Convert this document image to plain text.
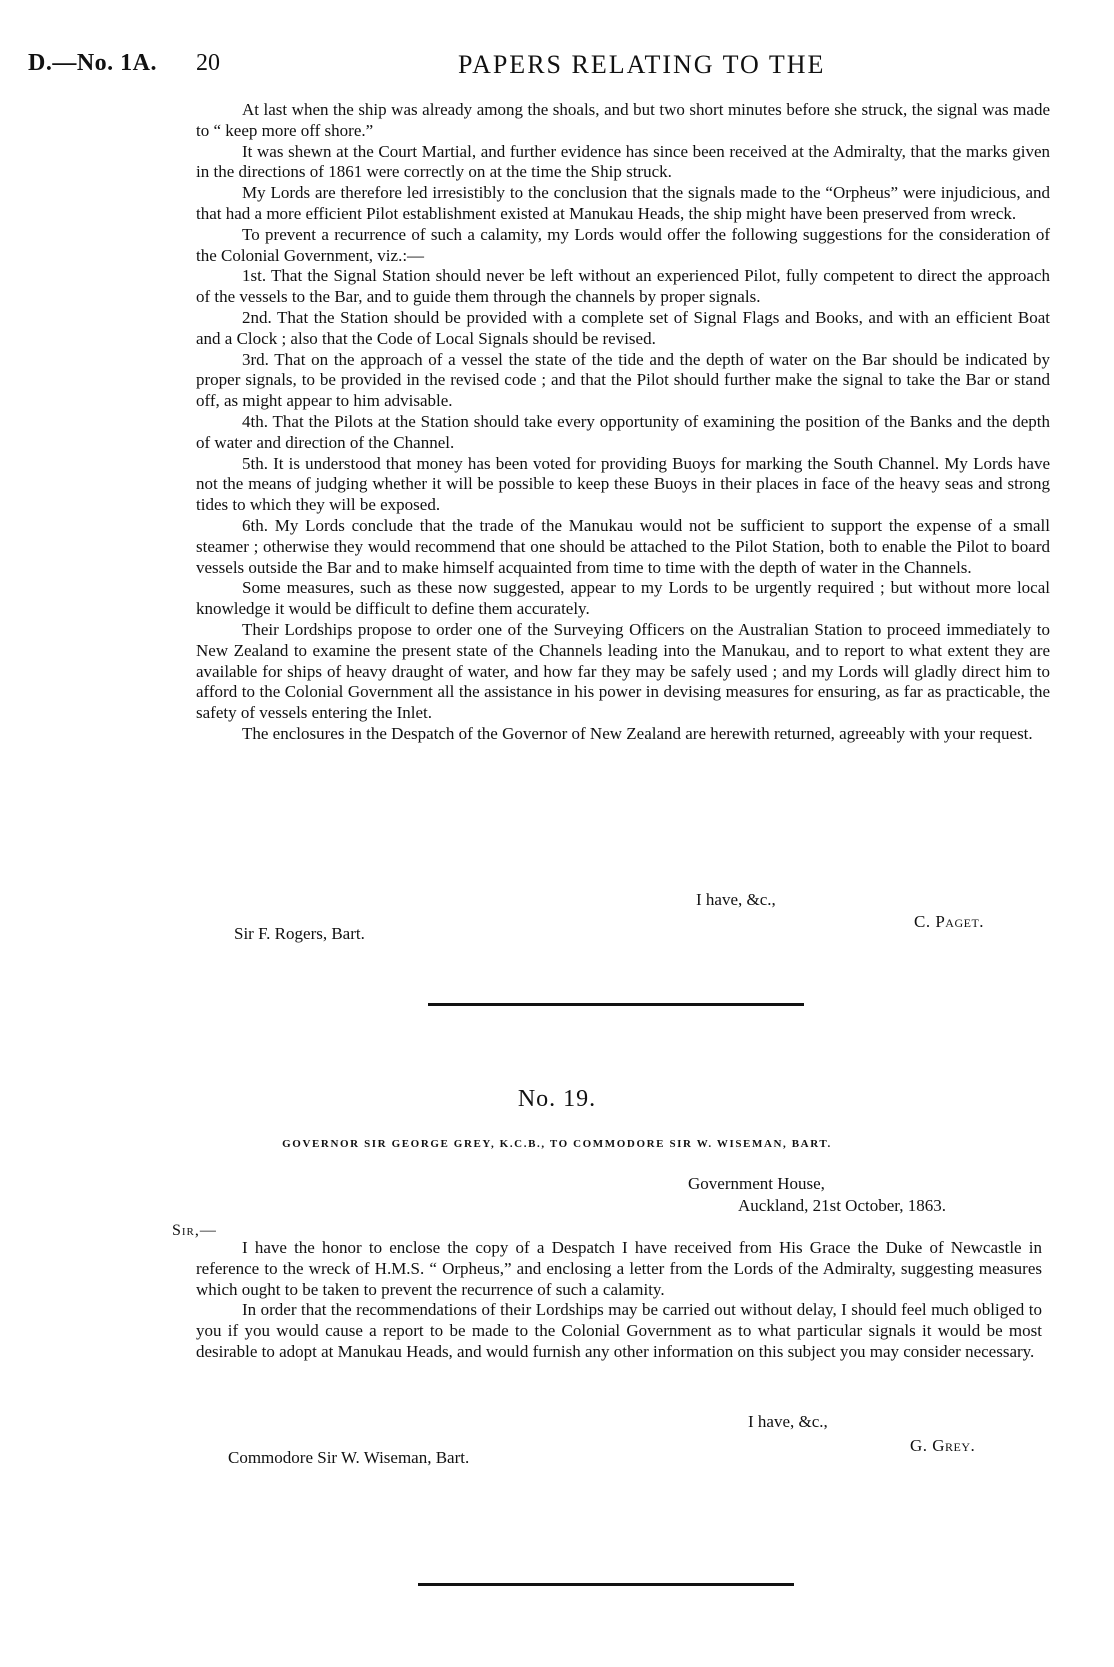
D.—No. 1A. 20	PAPERS RELATING TO THE

At last when the ship was already among the shoals, and but two short minutes before she struck, the signal was made to “ keep more off shore.”

It was shewn at the Court Martial, and further evidence has since been received at the Admiralty, that the marks given in the directions of 1861 were correctly on at the time the Ship struck.

My Lords are therefore led irresistibly to the conclusion that the signals made to the “Orpheus” were injudicious, and that had a more efficient Pilot establishment existed at Manukau Heads, the ship might have been preserved from wreck.

To prevent a recurrence of such a calamity, my Lords would offer the following suggestions for the consideration of the Colonial Government, viz.:—

1st. That the Signal Station should never be left without an experienced Pilot, fully competent to direct the approach of the vessels to the Bar, and to guide them through the channels by proper signals.

2nd. That the Station should be provided with a complete set of Signal Flags and Books, and with an efficient Boat and a Clock ; also that the Code of Local Signals should be revised.

3rd. That on the approach of a vessel the state of the tide and the depth of water on the Bar should be indicated by proper signals, to be provided in the revised code ; and that the Pilot should further make the signal to take the Bar or stand off, as might appear to him advisable.

4th. That the Pilots at the Station should take every opportunity of examining the position of the Banks and the depth of water and direction of the Channel.

5th. It is understood that money has been voted for providing Buoys for marking the South Channel. My Lords have not the means of judging whether it will be possible to keep these Buoys in their places in face of the heavy seas and strong tides to which they will be exposed.

6th. My Lords conclude that the trade of the Manukau would not be sufficient to support the expense of a small steamer ; otherwise they would recommend that one should be attached to the Pilot Station, both to enable the Pilot to board vessels outside the Bar and to make himself acquainted from time to time with the depth of water in the Channels.

Some measures, such as these now suggested, appear to my Lords to be urgently required ; but without more local knowledge it would be difficult to define them accurately.

Their Lordships propose to order one of the Surveying Officers on the Australian Station to proceed immediately to New Zealand to examine the present state of the Channels leading into the Manukau, and to report to what extent they are available for ships of heavy draught of water, and how far they may be safely used ; and my Lords will gladly direct him to afford to the Colonial Government all the assistance in his power in devising measures for ensuring, as far as practicable, the safety of vessels entering the Inlet.

The enclosures in the Despatch of the Governor of New Zealand are herewith returned, agreeably with your request.

I have, &c.,
C. Paget.
Sir F. Rogers, Bart.
No. 19.
GOVERNOR SIR GEORGE GREY, K.C.B., TO COMMODORE SIR W. WISEMAN, BART.
Government House,
Auckland, 21st October, 1863.
Sir,—

I have the honor to enclose the copy of a Despatch I have received from His Grace the Duke of Newcastle in reference to the wreck of H.M.S. “ Orpheus,” and enclosing a letter from the Lords of the Admiralty, suggesting measures which ought to be taken to prevent the recurrence of such a calamity.

In order that the recommendations of their Lordships may be carried out without delay, I should feel much obliged to you if you would cause a report to be made to the Colonial Government as to what particular signals it would be most desirable to adopt at Manukau Heads, and would furnish any other information on this subject you may consider necessary.

I have, &c.,
G. Grey.
Commodore Sir W. Wiseman, Bart.
